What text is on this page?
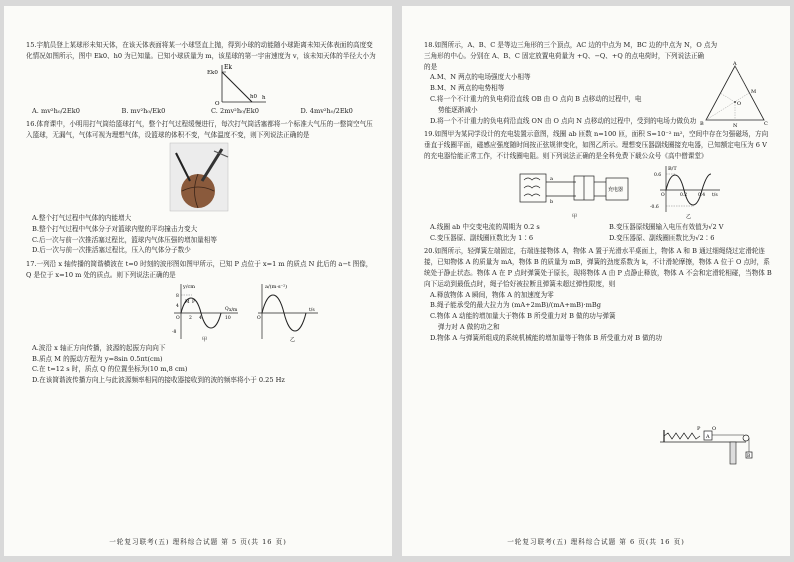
15.宇航员登上某球形未知天体，在该天体表面将某一小球竖直上抛，得到小球的动能随小球距离未知天体表面的高度变化情况如图所示，图中 Ek0、h0 为已知量。已知小球质量为 m，该星球的第一宇宙速度为 v，该未知天体的半径大小为

Ek
Ek0
O
h0 h
A. mv²h₀/2Ek0	B. mv²h₀/Ek0	C. 2mv²h₀/Ek0	D. 4mv²h₀/2Ek0

16.体育课中，小明用打气筒给篮球打气，整个打气过程缓慢进行，每次打气筒活塞都将一个标准大气压的一整筒空气压入篮球，无漏气，气体可视为理想气体，设篮球的体积不变，气体温度不变，则下列说法正确的是

A.整个打气过程中气体的内能增大

B.整个打气过程中气体分子对篮球内壁的平均撞击力变大

C.后一次与前一次推活塞过程比，篮球内气体压强的增加量相等

D.后一次与前一次推活塞过程比，压入的气体分子数少

17.一列沿 x 轴传播的简谐横波在 t=0 时刻的波形图如图甲所示，已知 P 点位于 x=1 m 的质点 N 此后的 a−t 图像，Q 是位于 x=10 m 处的质点。则下列说法正确的是

y/cm
8
4
-8
O 2 4	10
x/m
M P
Q
甲
a/(m·s⁻²)
O
t/s
乙

A.波沿 x 轴正方向传播，波源的起振方向向下

B.质点 M 的振动方程为 y=8sin 0.5πt(cm)

C.在 t=12 s 时，质点 Q 的位置坐标为(10 m,8 cm)

D.在该简谐波传播方向上与此波源频率相同的接收器接收到的波的频率将小于 0.25 Hz

一轮复习联考(五) 理科综合试题 第 5 页(共 16 页)

18.如图所示，A、B、C 是等边三角形的三个顶点，AC 边的中点为 M，BC 边的中点为 N，O 点为

三角形的中心。分别在 A、B、C 固定放置电荷量为 +Q、−Q、+Q 的点电荷时，下列说法正确

的是

A.M、N 两点的电场强度大小相等

B.M、N 两点的电势相等

C.将一个不计重力的负电荷沿直线 OB 由 O 点向 B 点移动的过程中，电

势能逐渐减小

D.将一个不计重力的负电荷沿直线 ON 由 O 点向 N 点移动的过程中，受到的电场力做负功

A
B	C
M
N
O

19.如图甲为某同学设计的充电装置示意图，线圈 ab 匝数 n=100 匝，面积 S=10⁻² m²，空间中存在匀强磁场，方向垂直于线圈平面，磁感应强度随时间按正弦规律变化，如图乙所示。理想变压器副线圈接充电器，已知额定电压为 6 V 的充电器恰能正常工作，不计线圈电阻。则下列说法正确的是全科免费下载公众号《高中僧课堂》

a
b
充电器
甲
B/T
0.6
-0.6
O	0.2 0.4 t/s
乙
A.线圈 ab 中交变电流的周期为 0.2 s	B.变压器原线圈输入电压有效值为√2 V
C.变压器原、副线圈匝数比为 1∶6	D.变压器原、副线圈匝数比为√2∶6

20.如图所示，轻弹簧左端固定，右端连接物体 A，物体 A 置于光滑水平桌面上，物体 A 和 B 通过细绳绕过定滑轮连接，已知物体 A 的质量为 mA，物体 B 的质量为 mB，弹簧的劲度系数为 k，不计滑轮摩擦，物体 A 位于 O 点时，系统处于静止状态。物体 A 在 P 点时弹簧处于原长，现将物体 A 由 P 点静止释放，物体 A 不会和定滑轮相碰，当物体 B 向下运动到最低点时，绳子恰好被拉断且弹簧未超过弹性限度，则

A.释放物体 A 瞬间，物体 A 的加速度为零

B.绳子能承受的最大拉力为 (mA+2mB)/(mA+mB)·mBg

C.物体 A 动能的增加量大于物体 B 所受重力对 B 做的功与弹簧

弹力对 A 做的功之和

D.物体 A 与弹簧所组成的系统机械能的增加量等于物体 B 所受重力对 B 做的功

P O
A
B
一轮复习联考(五) 理科综合试题 第 6 页(共 16 页)
